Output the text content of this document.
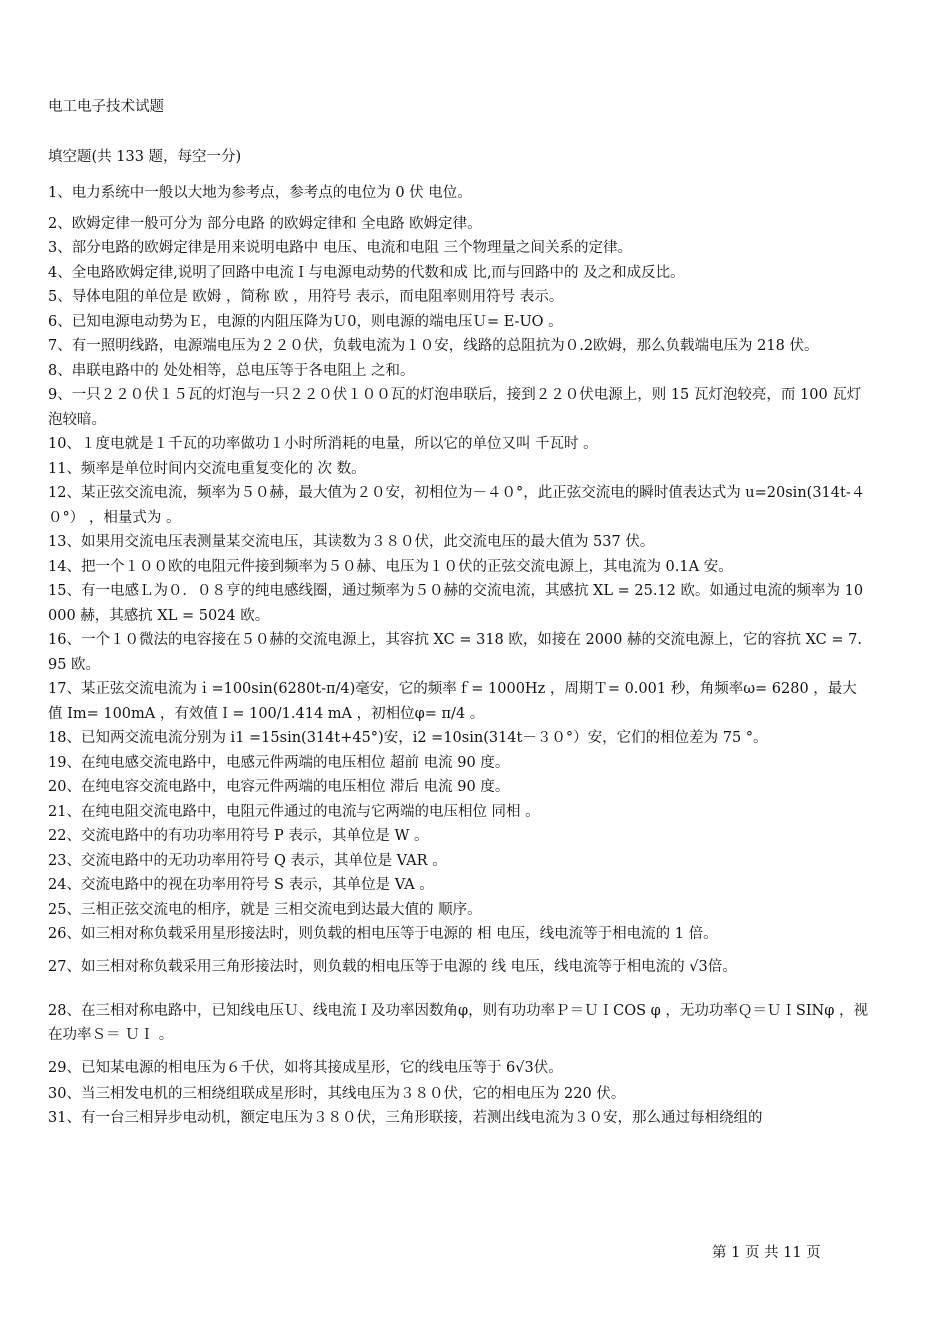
电工电子技术试题
填空题(共 133 题，每空一分)
1、电力系统中一般以大地为参考点，参考点的电位为 0 伏 电位。
2、欧姆定律一般可分为 部分电路 的欧姆定律和 全电路 欧姆定律。
3、部分电路的欧姆定律是用来说明电路中 电压、电流和电阻 三个物理量之间关系的定律。
4、全电路欧姆定律,说明了回路中电流Ｉ与电源电动势的代数和成 比,而与回路中的 及之和成反比。
5、导体电阻的单位是 欧姆 ，简称 欧 ，用符号 表示，而电阻率则用符号 表示。
6、已知电源电动势为Ｅ，电源的内阻压降为Ｕ0，则电源的端电压Ｕ= E-UO 。
7、有一照明线路，电源端电压为２２０伏，负载电流为１０安，线路的总阻抗为０.2欧姆，那么负载端电压为 218 伏。
8、串联电路中的 处处相等，总电压等于各电阻上 之和。
9、一只２２０伏１５瓦的灯泡与一只２２０伏１００瓦的灯泡串联后，接到２２０伏电源上，则 15 瓦灯泡较亮，而 100 瓦灯泡较暗。
10、１度电就是１千瓦的功率做功１小时所消耗的电量，所以它的单位又叫 千瓦时 。
11、频率是单位时间内交流电重复变化的 次 数。
12、某正弦交流电流，频率为５０赫，最大值为２０安，初相位为－４０°，此正弦交流电的瞬时值表达式为 u=20sin(314t-４０°） ，相量式为 。
13、如果用交流电压表测量某交流电压，其读数为３８０伏，此交流电压的最大值为 537 伏。
14、把一个１００欧的电阻元件接到频率为５０赫、电压为１０伏的正弦交流电源上，其电流为 0.1A 安。
15、有一电感Ｌ为０．０８亨的纯电感线圈，通过频率为５０赫的交流电流，其感抗 XL = 25.12 欧。如通过电流的频率为 10000 赫，其感抗 XL = 5024 欧。
16、一个１０微法的电容接在５０赫的交流电源上，其容抗 XC = 318 欧，如接在 2000 赫的交流电源上，它的容抗 XC = 7.95 欧。
17、某正弦交流电流为ｉ=100sin(6280t-π/4)毫安，它的频率ｆ= 1000Hz ，周期Ｔ= 0.001 秒，角频率ω= 6280 ，最大值 Im= 100mA ，有效值Ｉ= 100/1.414 mA ，初相位φ= π/4 。
18、已知两交流电流分别为 i1 =15sin(314t+45°)安，i2 =10sin(314t－３０°）安，它们的相位差为 75 °。
19、在纯电感交流电路中，电感元件两端的电压相位 超前 电流 90 度。
20、在纯电容交流电路中，电容元件两端的电压相位 滞后 电流 90 度。
21、在纯电阻交流电路中，电阻元件通过的电流与它两端的电压相位 同相 。
22、交流电路中的有功功率用符号 P 表示，其单位是 W 。
23、交流电路中的无功功率用符号 Q 表示，其单位是 VAR 。
24、交流电路中的视在功率用符号 S 表示，其单位是 VA 。
25、三相正弦交流电的相序，就是 三相交流电到达最大值的 顺序。
26、如三相对称负载采用星形接法时，则负载的相电压等于电源的 相 电压，线电流等于相电流的 1 倍。
27、如三相对称负载采用三角形接法时，则负载的相电压等于电源的 线 电压，线电流等于相电流的 √3倍。
28、在三相对称电路中，已知线电压Ｕ、线电流Ｉ及功率因数角φ，则有功功率Ｐ＝ＵＩCOS φ ，无功功率Ｑ＝ＵＩSINφ ，视在功率Ｓ＝ ＵＩ 。
29、已知某电源的相电压为６千伏，如将其接成星形，它的线电压等于 6√3伏。
30、当三相发电机的三相绕组联成星形时，其线电压为３８０伏，它的相电压为 220 伏。
31、有一台三相异步电动机，额定电压为３８０伏，三角形联接，若测出线电流为３０安，那么通过每相绕组的
第 1 页 共 11 页
